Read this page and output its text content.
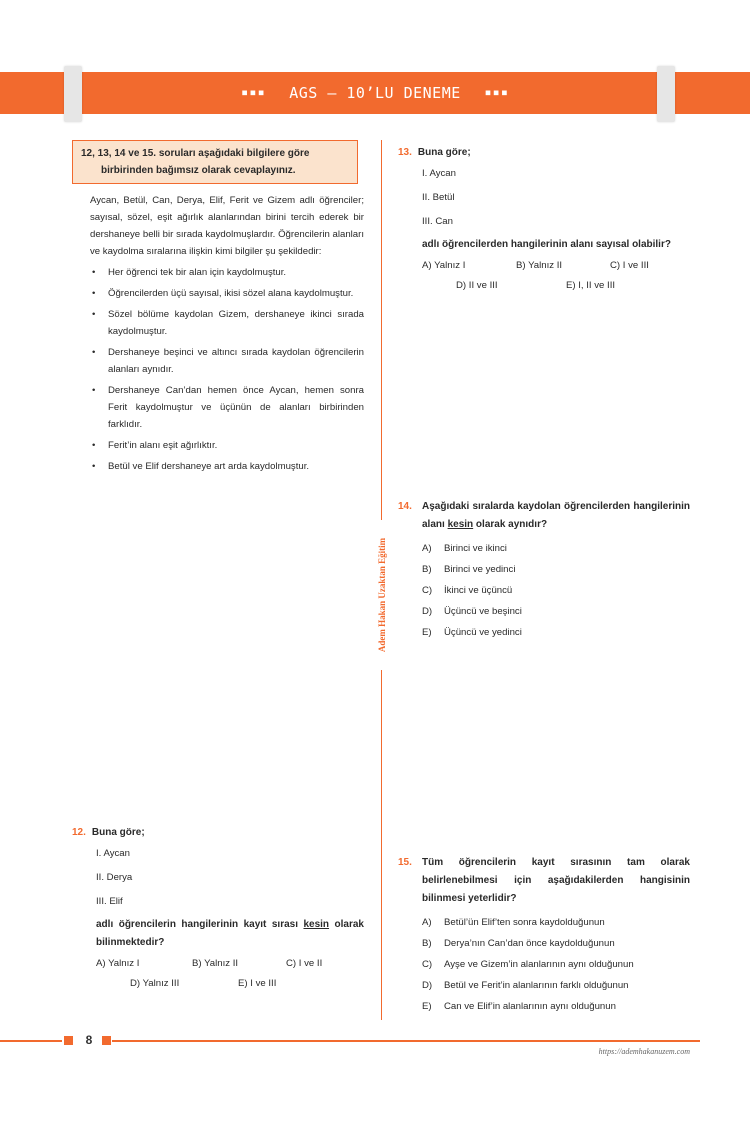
▪▪▪ AGS – 10’LU DENEME ▪▪▪
Adem Hakan Uzaktan Eğitim
12, 13, 14 ve 15. soruları aşağıdaki bilgilere göre
birbirinden bağımsız olarak cevaplayınız.

Aycan, Betül, Can, Derya, Elif, Ferit ve Gizem adlı öğrenciler; sayısal, sözel, eşit ağırlık alanlarından birini tercih ederek bir dershaneye belli bir sırada kaydolmuşlardır. Öğrencilerin alanları ve kaydolma sıralarına ilişkin kimi bilgiler şu şekildedir:

• Her öğrenci tek bir alan için kaydolmuştur.
• Öğrencilerden üçü sayısal, ikisi sözel alana kaydolmuştur.
• Sözel bölüme kaydolan Gizem, dershaneye ikinci sırada kaydolmuştur.
• Dershaneye beşinci ve altıncı sırada kaydolan öğrencilerin alanları aynıdır.
• Dershaneye Can’dan hemen önce Aycan, hemen sonra Ferit kaydolmuştur ve üçünün de alanları birbirinden farklıdır.
• Ferit’in alanı eşit ağırlıktır.
• Betül ve Elif dershaneye art arda kaydolmuştur.
12. Buna göre;
I. Aycan
II. Derya
III. Elif
adlı öğrencilerin hangilerinin kayıt sırası kesin olarak bilinmektedir?
A) Yalnız I	B) Yalnız II	C) I ve II
D) Yalnız III	E) I ve III
13. Buna göre;
I. Aycan
II. Betül
III. Can
adlı öğrencilerden hangilerinin alanı sayısal olabilir?
A) Yalnız I	B) Yalnız II	C) I ve III
D) II ve III	E) I, II ve III
14. Aşağıdaki sıralarda kaydolan öğrencilerden hangilerinin alanı kesin olarak aynıdır?
A) Birinci ve ikinci
B) Birinci ve yedinci
C) İkinci ve üçüncü
D) Üçüncü ve beşinci
E) Üçüncü ve yedinci
15. Tüm öğrencilerin kayıt sırasının tam olarak belirlenebilmesi için aşağıdakilerden hangisinin bilinmesi yeterlidir?
A) Betül’ün Elif’ten sonra kaydolduğunun
B) Derya’nın Can’dan önce kaydolduğunun
C) Ayşe ve Gizem’in alanlarının aynı olduğunun
D) Betül ve Ferit’in alanlarının farklı olduğunun
E) Can ve Elif’in alanlarının aynı olduğunun
8
https://ademhakanuzem.com
